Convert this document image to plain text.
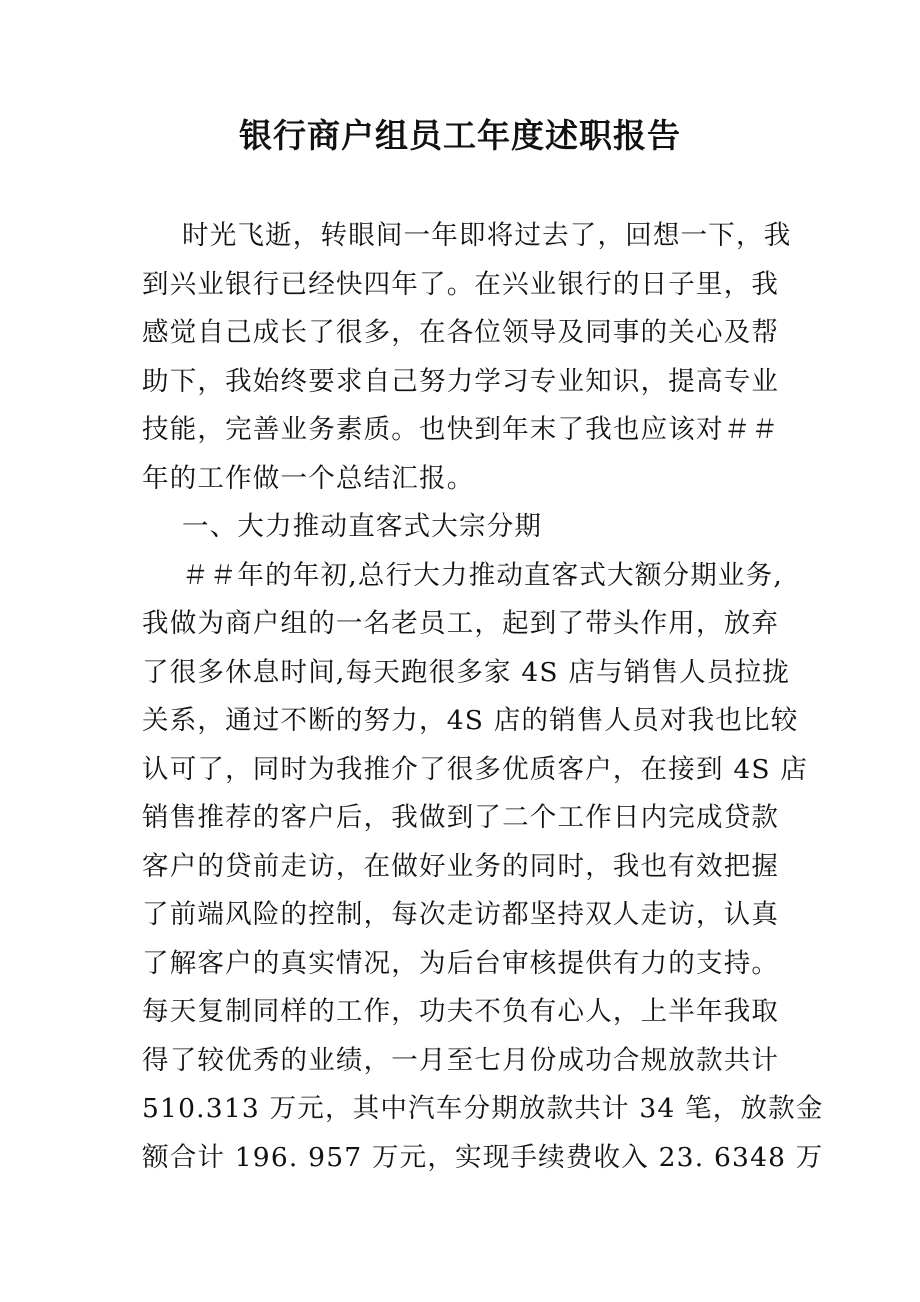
银行商户组员工年度述职报告
时光飞逝，转眼间一年即将过去了，回想一下，我
到兴业银行已经快四年了。在兴业银行的日子里，我
感觉自己成长了很多，在各位领导及同事的关心及帮
助下，我始终要求自己努力学习专业知识，提高专业
技能，完善业务素质。也快到年末了我也应该对＃＃
年的工作做一个总结汇报。
一、大力推动直客式大宗分期
＃＃年的年初,总行大力推动直客式大额分期业务,
我做为商户组的一名老员工，起到了带头作用，放弃
了很多休息时间,每天跑很多家 4S 店与销售人员拉拢
关系，通过不断的努力，4S 店的销售人员对我也比较
认可了，同时为我推介了很多优质客户，在接到 4S 店
销售推荐的客户后，我做到了二个工作日内完成贷款
客户的贷前走访，在做好业务的同时，我也有效把握
了前端风险的控制，每次走访都坚持双人走访，认真
了解客户的真实情况，为后台审核提供有力的支持。
每天复制同样的工作，功夫不负有心人，上半年我取
得了较优秀的业绩，一月至七月份成功合规放款共计
510.313 万元，其中汽车分期放款共计 34 笔，放款金
额合计 196. 957 万元，实现手续费收入 23. 6348 万
